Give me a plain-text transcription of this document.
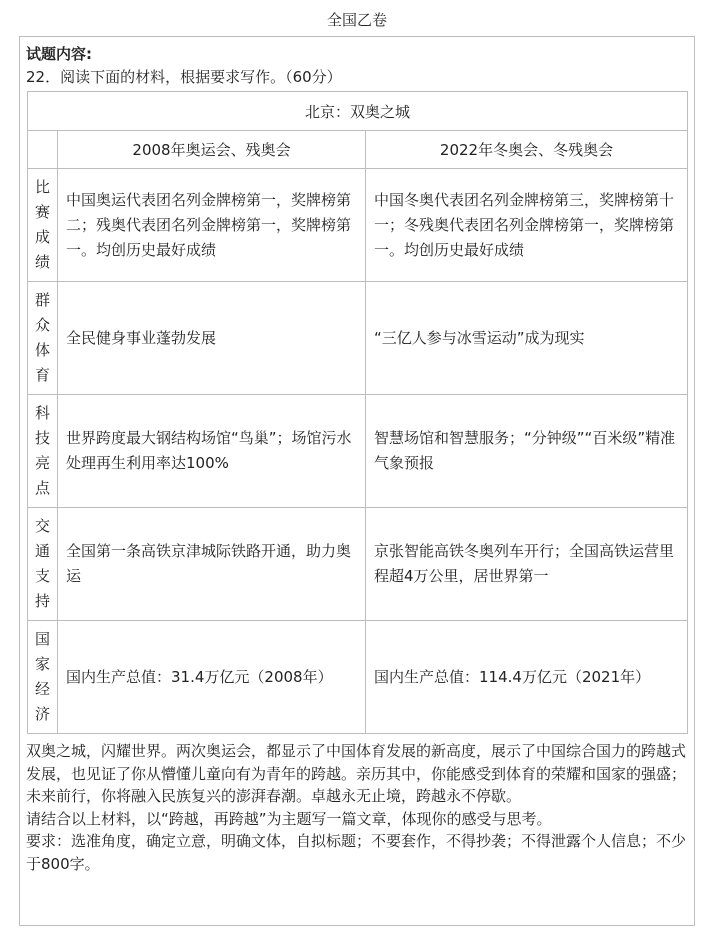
全国乙卷
试题内容:
22．阅读下面的材料，根据要求写作。（60分）
北京：双奥之城		
	2008年奥运会、残奥会	2022年冬奥会、冬残奥会

比赛成绩	中国奥运代表团名列金牌榜第一，奖牌榜第二；残奥代表团名列金牌榜第一，奖牌榜第一。均创历史最好成绩	中国冬奥代表团名列金牌榜第三，奖牌榜第十一；冬残奥代表团名列金牌榜第一，奖牌榜第一。均创历史最好成绩

群众体育	全民健身事业蓬勃发展	“三亿人参与冰雪运动”成为现实

科技亮点	世界跨度最大钢结构场馆“鸟巢”；场馆污水处理再生利用率达100%	智慧场馆和智慧服务；“分钟级”“百米级”精准气象预报

交通支持	全国第一条高铁京津城际铁路开通，助力奥运	京张智能高铁冬奥列车开行；全国高铁运营里程超4万公里，居世界第一

国家经济	国内生产总值：31.4万亿元（2008年）	国内生产总值：114.4万亿元（2021年）

双奥之城，闪耀世界。两次奥运会，都显示了中国体育发展的新高度，展示了中国综合国力的跨越式发展，也见证了你从懵懂儿童向有为青年的跨越。亲历其中，你能感受到体育的荣耀和国家的强盛；未来前行，你将融入民族复兴的澎湃春潮。卓越永无止境，跨越永不停歇。

请结合以上材料，以“跨越，再跨越”为主题写一篇文章，体现你的感受与思考。

要求：选准角度，确定立意，明确文体，自拟标题；不要套作，不得抄袭；不得泄露个人信息；不少于800字。
